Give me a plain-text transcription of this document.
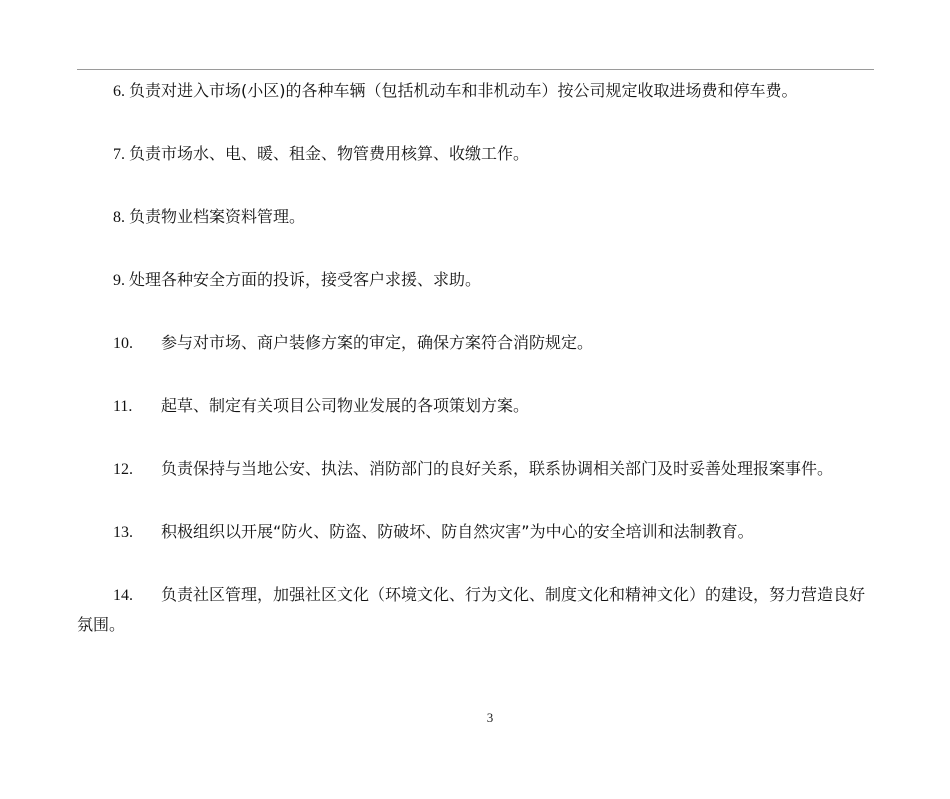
6. 负责对进入市场(小区)的各种车辆（包括机动车和非机动车）按公司规定收取进场费和停车费。

7. 负责市场水、电、暖、租金、物管费用核算、收缴工作。

8. 负责物业档案资料管理。

9. 处理各种安全方面的投诉，接受客户求援、求助。

10. 参与对市场、商户装修方案的审定，确保方案符合消防规定。

11. 起草、制定有关项目公司物业发展的各项策划方案。

12. 负责保持与当地公安、执法、消防部门的良好关系，联系协调相关部门及时妥善处理报案事件。

13. 积极组织以开展“防火、防盗、防破坏、防自然灾害”为中心的安全培训和法制教育。

14. 负责社区管理，加强社区文化（环境文化、行为文化、制度文化和精神文化）的建设，努力营造良好氛围。

3
